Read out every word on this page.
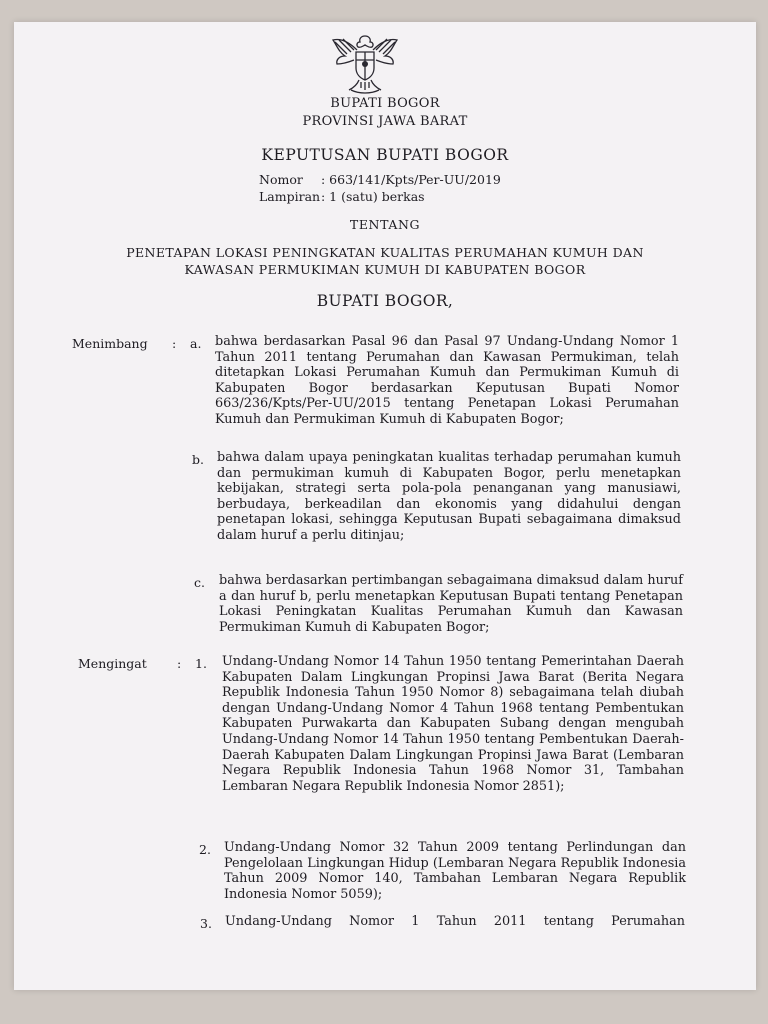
BUPATI BOGOR
PROVINSI JAWA BARAT
KEPUTUSAN BUPATI BOGOR
Nomor : 663/141/Kpts/Per-UU/2019
Lampiran: 1 (satu) berkas
TENTANG
PENETAPAN LOKASI PENINGKATAN KUALITAS PERUMAHAN KUMUH DAN
KAWASAN PERMUKIMAN KUMUH DI KABUPATEN BOGOR
BUPATI BOGOR,
Menimbang : a. bahwa berdasarkan Pasal 96 dan Pasal 97 Undang-Undang Nomor 1 Tahun 2011 tentang Perumahan dan Kawasan Permukiman, telah ditetapkan Lokasi Perumahan Kumuh dan Permukiman Kumuh di Kabupaten Bogor berdasarkan Keputusan Bupati Nomor 663/236/Kpts/Per-UU/2015 tentang Penetapan Lokasi Perumahan Kumuh dan Permukiman Kumuh di Kabupaten Bogor;
b. bahwa dalam upaya peningkatan kualitas terhadap perumahan kumuh dan permukiman kumuh di Kabupaten Bogor, perlu menetapkan kebijakan, strategi serta pola-pola penanganan yang manusiawi, berbudaya, berkeadilan dan ekonomis yang didahului dengan penetapan lokasi, sehingga Keputusan Bupati sebagaimana dimaksud dalam huruf a perlu ditinjau;
c. bahwa berdasarkan pertimbangan sebagaimana dimaksud dalam huruf a dan huruf b, perlu menetapkan Keputusan Bupati tentang Penetapan Lokasi Peningkatan Kualitas Perumahan Kumuh dan Kawasan Permukiman Kumuh di Kabupaten Bogor;
Mengingat : 1. Undang-Undang Nomor 14 Tahun 1950 tentang Pemerintahan Daerah Kabupaten Dalam Lingkungan Propinsi Jawa Barat (Berita Negara Republik Indonesia Tahun 1950 Nomor 8) sebagaimana telah diubah dengan Undang-Undang Nomor 4 Tahun 1968 tentang Pembentukan Kabupaten Purwakarta dan Kabupaten Subang dengan mengubah Undang-Undang Nomor 14 Tahun 1950 tentang Pembentukan Daerah-Daerah Kabupaten Dalam Lingkungan Propinsi Jawa Barat (Lembaran Negara Republik Indonesia Tahun 1968 Nomor 31, Tambahan Lembaran Negara Republik Indonesia Nomor 2851);
2. Undang-Undang Nomor 32 Tahun 2009 tentang Perlindungan dan Pengelolaan Lingkungan Hidup (Lembaran Negara Republik Indonesia Tahun 2009 Nomor 140, Tambahan Lembaran Negara Republik Indonesia Nomor 5059);
3. Undang-Undang Nomor 1 Tahun 2011 tentang Perumahan
